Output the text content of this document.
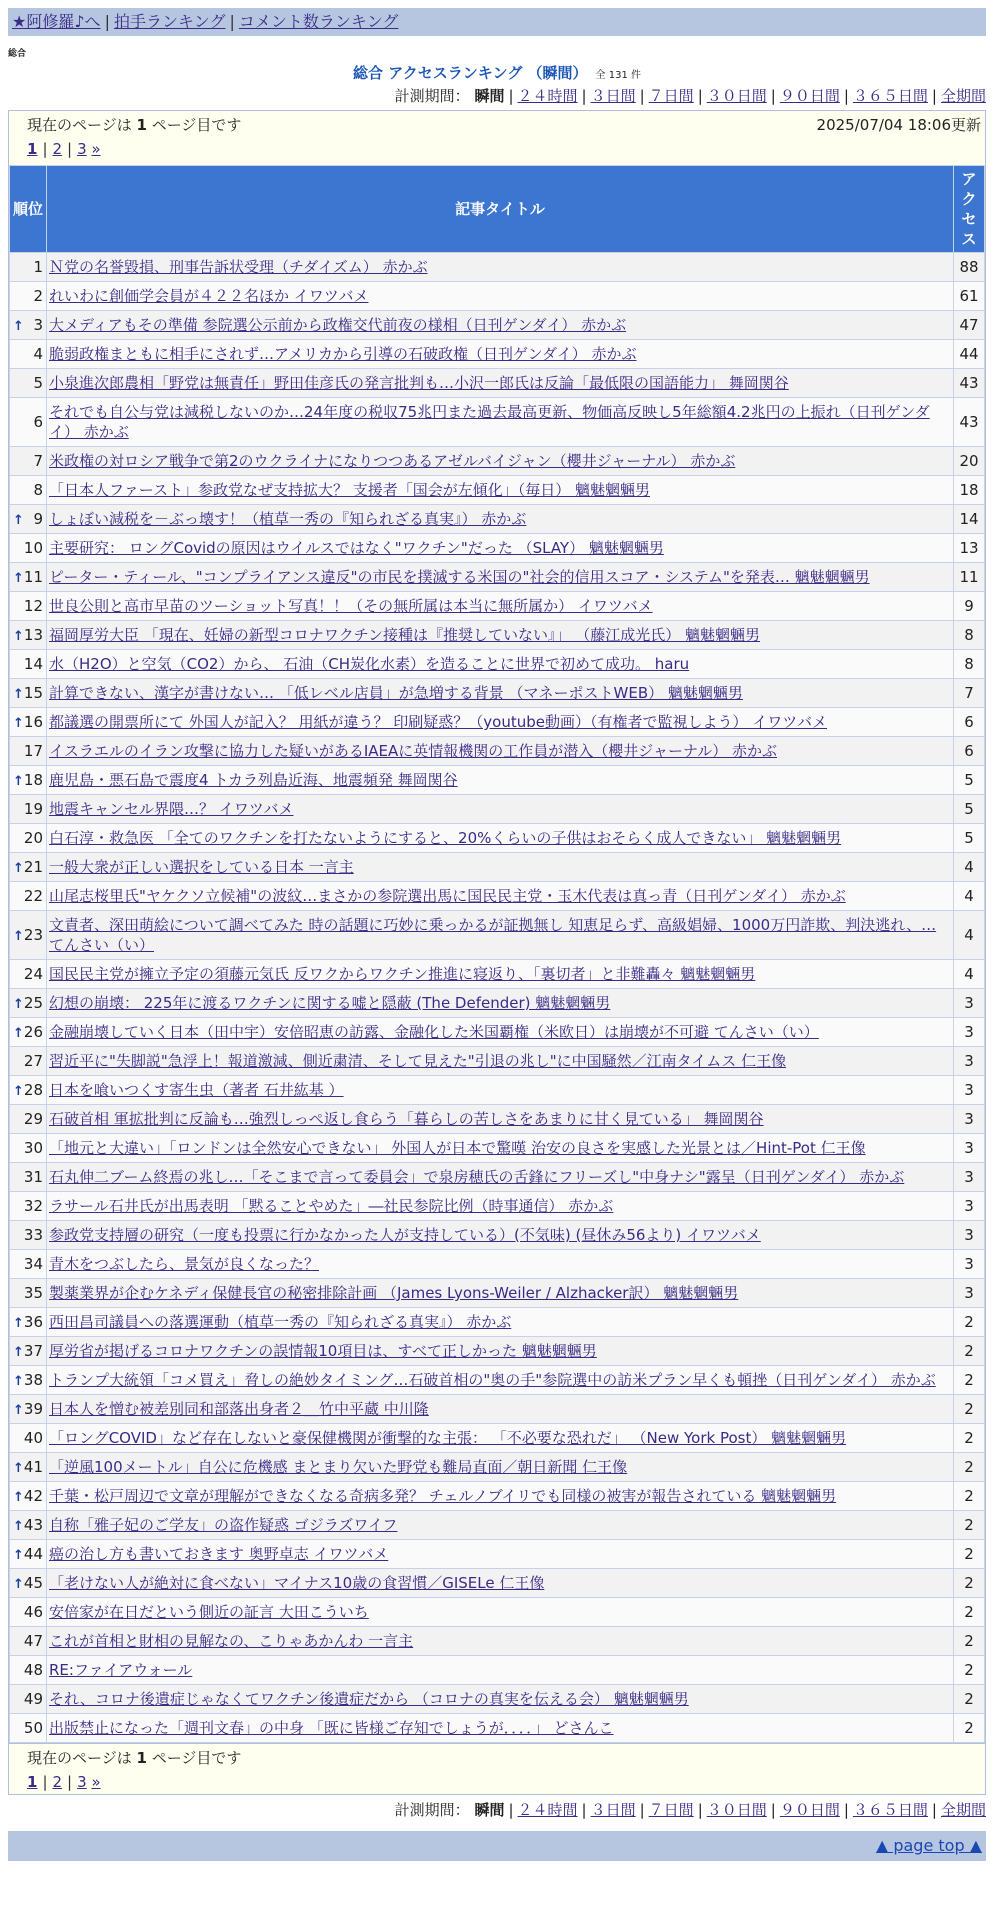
★阿修羅♪へ | 拍手ランキング | コメント数ランキング
総合
総合 アクセスランキング （瞬間） 全 131 件
計測期間： 瞬間 | ２４時間 | ３日間 | ７日間 | ３０日間 | ９０日間 | ３６５日間 | 全期間
現在のページは 1 ページ目です	2025/07/04 18:06更新
1 | 2 | 3 »
順位	記事タイトル	アクセス
1	Ｎ党の名誉毀損、刑事告訴状受理（チダイズム） 赤かぶ	88
2	れいわに創価学会員が４２２名ほか イワツバメ	61

↑ 3	大メディアもその準備 参院選公示前から政権交代前夜の様相（日刊ゲンダイ） 赤かぶ	47
4	脆弱政権まともに相手にされず…アメリカから引導の石破政権（日刊ゲンダイ） 赤かぶ	44
5	小泉進次郎農相「野党は無責任」野田佳彦氏の発言批判も…小沢一郎氏は反論「最低限の国語能力」 舞岡関谷	43
6	それでも自公与党は減税しないのか…24年度の税収75兆円また過去最高更新、物価高反映し5年総額4.2兆円の上振れ（日刊ゲンダイ） 赤かぶ	43
7	米政権の対ロシア戦争で第2のウクライナになりつつあるアゼルバイジャン（櫻井ジャーナル） 赤かぶ	20
8	「日本人ファースト」参政党なぜ支持拡大？ 支援者「国会が左傾化」（毎日） 魑魅魍魎男	18

↑ 9	しょぼい減税を－ぶっ壊す！（植草一秀の『知られざる真実』） 赤かぶ	14
10	主要研究： ロングCovidの原因はウイルスではなく"ワクチン"だった （SLAY） 魑魅魍魎男	13

↑ 11	ピーター・ティール、"コンプライアンス違反"の市民を撲滅する米国の"社会的信用スコア・システム"を発表… 魑魅魍魎男	11
12	世良公則と高市早苗のツーショット写真！！（その無所属は本当に無所属か） イワツバメ	9

↑ 13	福岡厚労大臣 「現在、妊婦の新型コロナワクチン接種は『推奨していない』」 （藤江成光氏） 魑魅魍魎男	8
14	水（H2O）と空気（CO2）から、 石油（CH炭化水素）を造ることに世界で初めて成功。 haru	8

↑ 15	計算できない、漢字が書けない… 「低レベル店員」が急増する背景 （マネーポストWEB） 魑魅魍魎男	7

↑ 16	都議選の開票所にて 外国人が記入？ 用紙が違う？ 印刷疑惑？（youtube動画）（有権者で監視しよう） イワツバメ	6
17	イスラエルのイラン攻撃に協力した疑いがあるIAEAに英情報機関の工作員が潜入（櫻井ジャーナル） 赤かぶ	6

↑ 18	鹿児島・悪石島で震度4 トカラ列島近海、地震頻発 舞岡関谷	5
19	地震キャンセル界隈…？ イワツバメ	5
20	白石淳・救急医 「全てのワクチンを打たないようにすると、20%くらいの子供はおそらく成人できない」 魑魅魍魎男	5

↑ 21	一般大衆が正しい選択をしている日本 一言主	4
22	山尾志桜里氏"ヤケクソ立候補"の波紋…まさかの参院選出馬に国民民主党・玉木代表は真っ青（日刊ゲンダイ） 赤かぶ	4

↑ 23	文責者、深田萌絵について調べてみた 時の話題に巧妙に乗っかるが証拠無し 知恵足らず、高級娼婦、1000万円詐欺、判決逃れ、… てんさい（い）	4
24	国民民主党が擁立予定の須藤元気氏 反ワクからワクチン推進に寝返り、「裏切者」と非難轟々 魑魅魍魎男	4

↑ 25	幻想の崩壊： 225年に渡るワクチンに関する嘘と隠蔽 (The Defender) 魑魅魍魎男	3

↑ 26	金融崩壊していく日本（田中宇）安倍昭恵の訪露、金融化した米国覇権（米欧日）は崩壊が不可避 てんさい（い）	3
27	習近平に"失脚説"急浮上！報道激減、側近粛清、そして見えた"引退の兆し"に中国騒然／江南タイムス 仁王像	3

↑ 28	日本を喰いつくす寄生虫（著者 石井紘基 ）	3
29	石破首相 軍拡批判に反論も…強烈しっぺ返し食らう「暮らしの苦しさをあまりに甘く見ている」 舞岡関谷	3
30	「地元と大違い」「ロンドンは全然安心できない」 外国人が日本で驚嘆 治安の良さを実感した光景とは／Hint-Pot 仁王像	3
31	石丸伸二ブーム終焉の兆し…「そこまで言って委員会」で泉房穂氏の舌鋒にフリーズし"中身ナシ"露呈（日刊ゲンダイ） 赤かぶ	3
32	ラサール石井氏が出馬表明 「黙ることやめた」―社民参院比例（時事通信） 赤かぶ	3
33	参政党支持層の研究（一度も投票に行かなかった人が支持している）(不気味) (昼休み56より) イワツバメ	3
34	青木をつぶしたら、景気が良くなった？	3
35	製薬業界が企むケネディ保健長官の秘密排除計画 （James Lyons-Weiler / Alzhacker訳） 魑魅魍魎男	3

↑ 36	西田昌司議員への落選運動（植草一秀の『知られざる真実』） 赤かぶ	2

↑ 37	厚労省が掲げるコロナワクチンの誤情報10項目は、すべて正しかった 魑魅魍魎男	2

↑ 38	トランプ大統領「コメ買え」脅しの絶妙タイミング…石破首相の"奥の手"参院選中の訪米プラン早くも頓挫（日刊ゲンダイ） 赤かぶ	2

↑ 39	日本人を憎む被差別同和部落出身者２＿竹中平蔵 中川隆	2
40	「ロングCOVID」など存在しないと豪保健機関が衝撃的な主張： 「不必要な恐れだ」 （New York Post） 魑魅魍魎男	2

↑ 41	「逆風100メートル」自公に危機感 まとまり欠いた野党も難局直面／朝日新聞 仁王像	2

↑ 42	千葉・松戸周辺で文章が理解ができなくなる奇病多発？ チェルノブイリでも同様の被害が報告されている 魑魅魍魎男	2

↑ 43	自称「雅子妃のご学友」の盗作疑惑 ゴジラズワイフ	2

↑ 44	癌の治し方も書いておきます 奥野卓志 イワツバメ	2

↑ 45	「老けない人が絶対に食べない」マイナス10歳の食習慣／GISELe 仁王像	2
46	安倍家が在日だという側近の証言 大田こういち	2
47	これが首相と財相の見解なの、こりゃあかんわ 一言主	2
48	RE:ファイアウォール	2
49	それ、コロナ後遺症じゃなくてワクチン後遺症だから （コロナの真実を伝える会） 魑魅魍魎男	2
50	出版禁止になった「週刊文春」の中身 「既に皆様ご存知でしょうが．．．．」 どさんこ	2
現在のページは 1 ページ目です
1 | 2 | 3 »
計測期間： 瞬間 | ２４時間 | ３日間 | ７日間 | ３０日間 | ９０日間 | ３６５日間 | 全期間
▲ page top ▲
